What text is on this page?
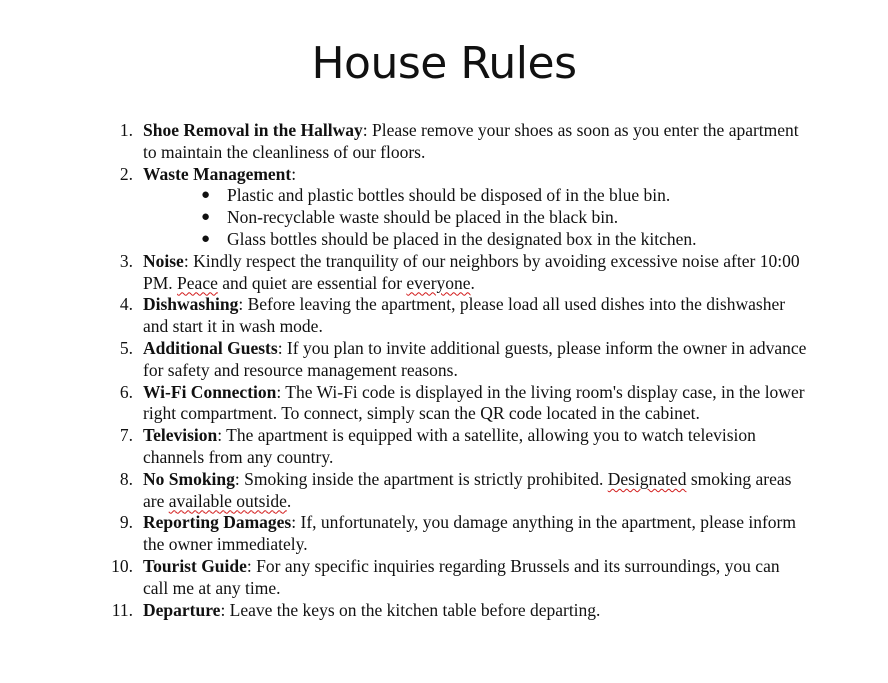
House Rules
1. Shoe Removal in the Hallway: Please remove your shoes as soon as you enter the apartment to maintain the cleanliness of our floors.
2. Waste Management:
● Plastic and plastic bottles should be disposed of in the blue bin.
● Non-recyclable waste should be placed in the black bin.
● Glass bottles should be placed in the designated box in the kitchen.
3. Noise: Kindly respect the tranquility of our neighbors by avoiding excessive noise after 10:00 PM. Peace and quiet are essential for everyone.
4. Dishwashing: Before leaving the apartment, please load all used dishes into the dishwasher and start it in wash mode.
5. Additional Guests: If you plan to invite additional guests, please inform the owner in advance for safety and resource management reasons.
6. Wi-Fi Connection: The Wi-Fi code is displayed in the living room's display case, in the lower right compartment. To connect, simply scan the QR code located in the cabinet.
7. Television: The apartment is equipped with a satellite, allowing you to watch television channels from any country.
8. No Smoking: Smoking inside the apartment is strictly prohibited. Designated smoking areas are available outside.
9. Reporting Damages: If, unfortunately, you damage anything in the apartment, please inform the owner immediately.
10. Tourist Guide: For any specific inquiries regarding Brussels and its surroundings, you can call me at any time.
11. Departure: Leave the keys on the kitchen table before departing.
